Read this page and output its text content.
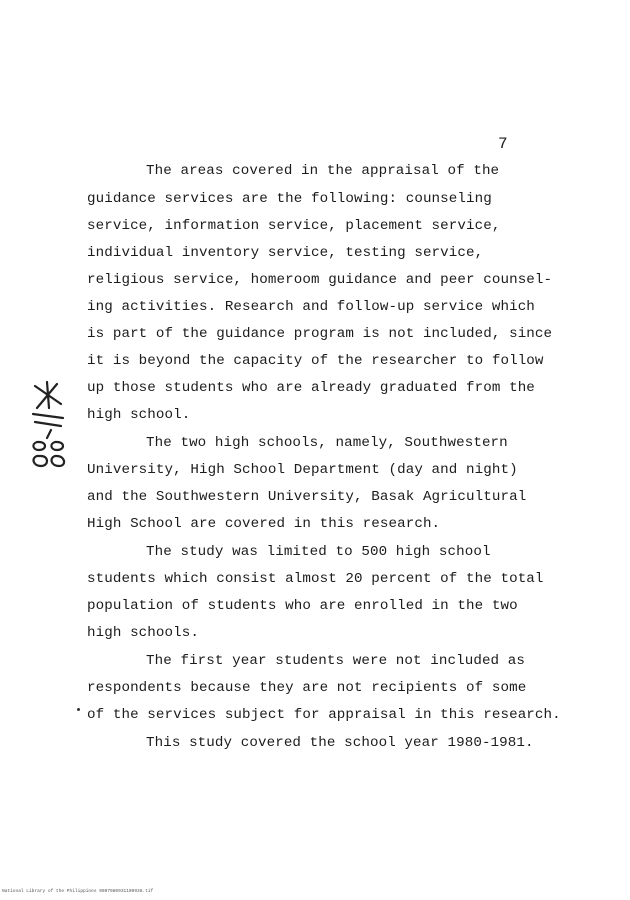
7
The areas covered in the appraisal of the
guidance services are the following: counseling
service, information service, placement service,
individual inventory service, testing service,
religious service, homeroom guidance and peer counsel-
ing activities. Research and follow-up service which
is part of the guidance program is not included, since
it is beyond the capacity of the researcher to follow
up those students who are already graduated from the
high school.
The two high schools, namely, Southwestern
University, High School Department (day and night)
and the Southwestern University, Basak Agricultural
High School are covered in this research.
The study was limited to 500 high school
students which consist almost 20 percent of the total
population of students who are enrolled in the two
high schools.
The first year students were not included as
respondents because they are not recipients of some
of the services subject for appraisal in this research.
This study covered the school year 1980-1981.
National Library of the Philippines 0007080931100938.tif
